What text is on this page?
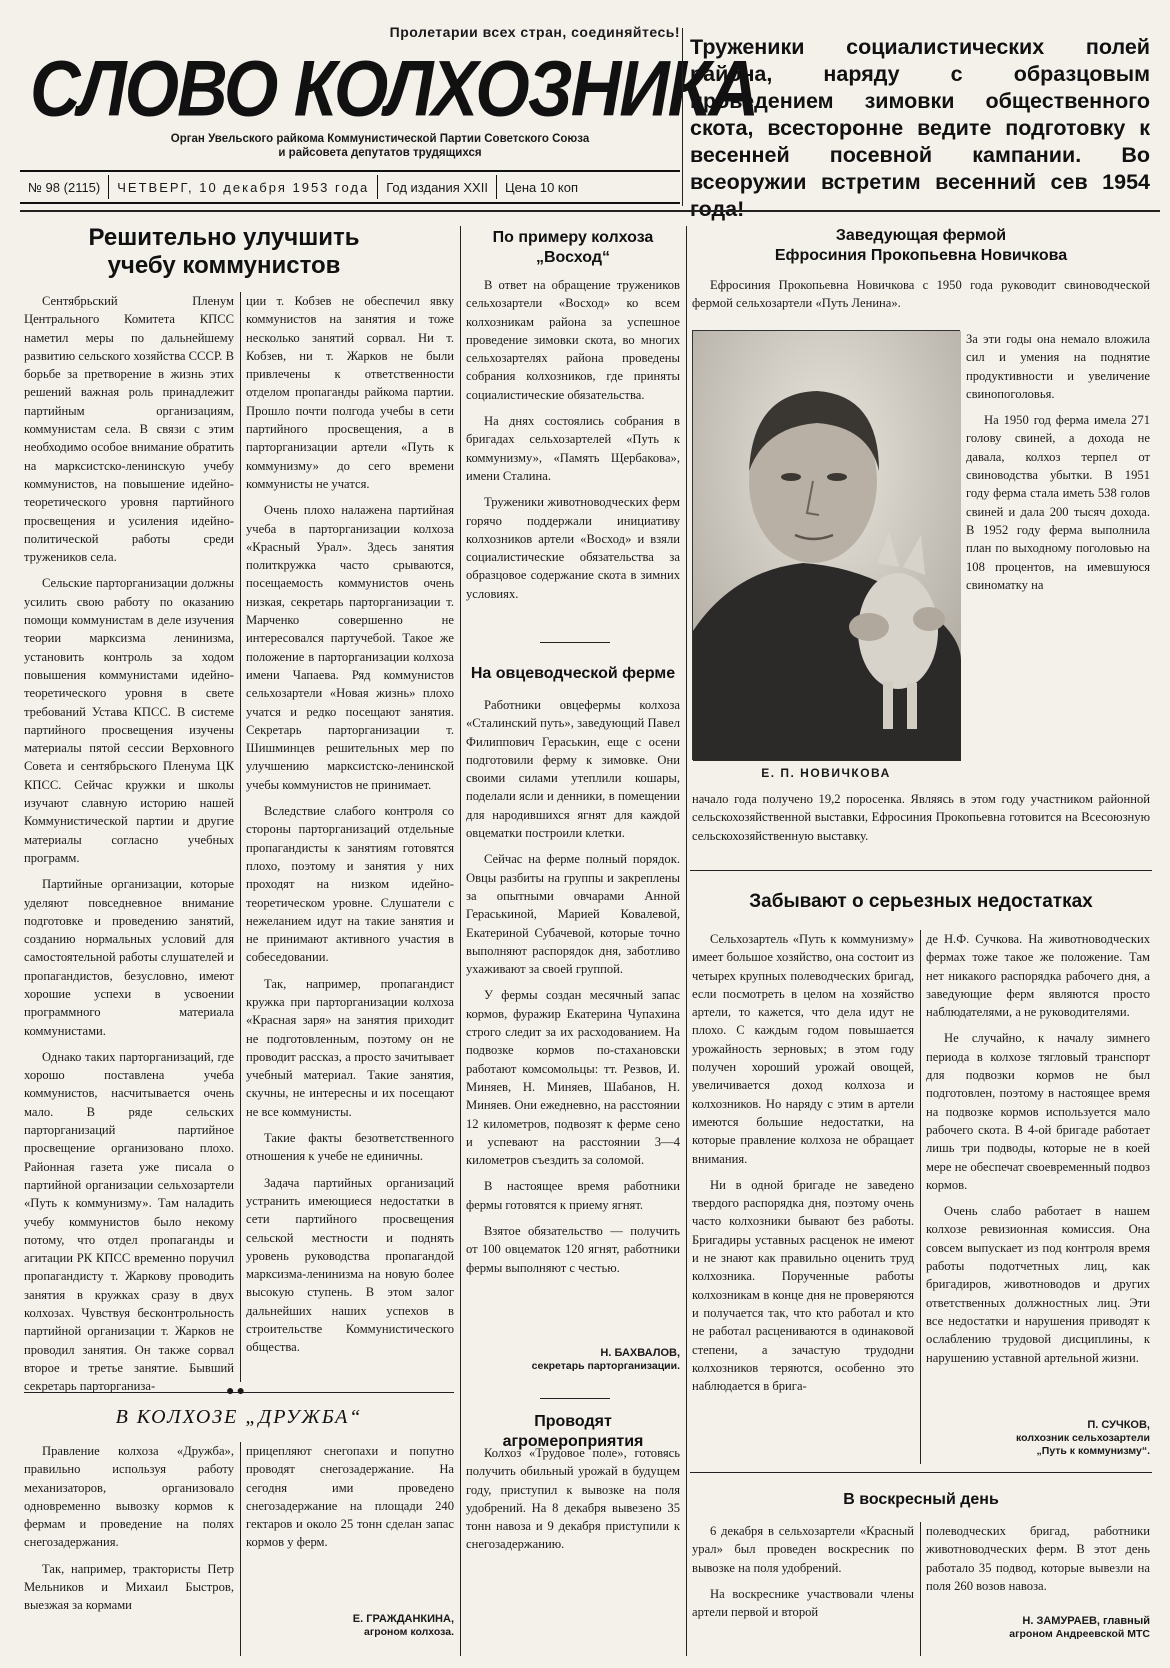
Пролетарии всех стран, соединяйтесь!
СЛОВО КОЛХОЗНИКА
Орган Увельского райкома Коммунистической Партии Советского Союза
и райсовета депутатов трудящихся
Труженики социалистических полей района, наряду с образцовым проведением зимовки общественного скота, всесторонне ведите подготовку к весенней посевной кампании. Во всеоружии встретим весенний сев 1954 года!
№ 98 (2115)	ЧЕТВЕРГ, 10 декабря 1953 года	Год издания XXII	Цена 10 коп
Решительно улучшить
учебу коммунистов

Сентябрьский Пленум Центрального Комитета КПСС наметил меры по дальнейшему развитию сельского хозяйства СССР. В борьбе за претворение в жизнь этих решений важная роль принадлежит партийным организациям, коммунистам села. В связи с этим необходимо особое внимание обратить на марксистско-ленинскую учебу коммунистов, на повышение идейно-теоретического уровня партийного просвещения и усиления идейно-политической работы среди тружеников села.

Сельские парторганизации должны усилить свою работу по оказанию помощи коммунистам в деле изучения теории марксизма ленинизма, установить контроль за ходом повышения коммунистами идейно-теоретического уровня в свете требований Устава КПСС. В системе партийного просвещения изучены материалы пятой сессии Верховного Совета и сентябрьского Пленума ЦК КПСС. Сейчас кружки и школы изучают славную историю нашей Коммунистической партии и другие материалы согласно учебных программ.

Партийные организации, которые уделяют повседневное внимание подготовке и проведению занятий, созданию нормальных условий для самостоятельной работы слушателей и пропагандистов, безусловно, имеют хорошие успехи в усвоении программного материала коммунистами.

Однако таких парторганизаций, где хорошо поставлена учеба коммунистов, насчитывается очень мало. В ряде сельских парторганизаций партийное просвещение организовано плохо. Районная газета уже писала о партийной организации сельхозартели «Путь к коммунизму». Там наладить учебу коммунистов было некому потому, что отдел пропаганды и агитации РК КПСС временно поручил пропагандисту т. Жаркову проводить занятия в кружках сразу в двух колхозах. Чувствуя бесконтрольность партийной организации т. Жарков не проводил занятия. Он также сорвал второе и третье занятие. Бывший секретарь парторганиза-

ции т. Кобзев не обеспечил явку коммунистов на занятия и тоже несколько занятий сорвал. Ни т. Кобзев, ни т. Жарков не были привлечены к ответственности отделом пропаганды райкома партии. Прошло почти полгода учебы в сети партийного просвещения, а в парторганизации артели «Путь к коммунизму» до сего времени коммунисты не учатся.

Очень плохо налажена партийная учеба в парторганизации колхоза «Красный Урал». Здесь занятия политкружка часто срываются, посещаемость коммунистов очень низкая, секретарь парторганизации т. Марченко совершенно не интересовался партучебой. Такое же положение в парторганизации колхоза имени Чапаева. Ряд коммунистов сельхозартели «Новая жизнь» плохо учатся и редко посещают занятия. Секретарь парторганизации т. Шишминцев решительных мер по улучшению марксистско-ленинской учебы коммунистов не принимает.

Вследствие слабого контроля со стороны парторганизаций отдельные пропагандисты к занятиям готовятся плохо, поэтому и занятия у них проходят на низком идейно-теоретическом уровне. Слушатели с нежеланием идут на такие занятия и не принимают активного участия в собеседовании.

Так, например, пропагандист кружка при парторганизации колхоза «Красная заря» на занятия приходит не подготовленным, поэтому он не проводит рассказ, а просто зачитывает учебный материал. Такие занятия, скучны, не интересны и их посещают не все коммунисты.

Такие факты безответственного отношения к учебе не единичны.

Задача партийных организаций устранить имеющиеся недостатки в сети партийного просвещения сельской местности и поднять уровень руководства пропагандой марксизма-ленинизма на новую более высокую ступень. В этом залог дальнейших наших успехов в строительстве Коммунистического общества.

●●
В КОЛХОЗЕ „ДРУЖБА“

Правление колхоза «Дружба», правильно используя работу механизаторов, организовало одновременно вывозку кормов к фермам и проведение на полях снегозадержания.

Так, например, трактористы Петр Мельников и Михаил Быстров, выезжая за кормами

прицепляют снегопахи и попутно проводят снегозадержание. На сегодня ими проведено снегозадержание на площади 240 гектаров и около 25 тонн сделан запас кормов у ферм.

Е. ГРАЖДАНКИНА,
агроном колхоза.
По примеру колхоза
„Восход“

В ответ на обращение тружеников сельхозартели «Восход» ко всем колхозникам района за успешное проведение зимовки скота, во многих сельхозартелях района проведены собрания колхозников, где приняты социалистические обязательства.

На днях состоялись собрания в бригадах сельхозартелей «Путь к коммунизму», «Память Щербакова», имени Сталина.

Труженики животноводческих ферм горячо поддержали инициативу колхозников артели «Восход» и взяли социалистические обязательства за образцовое содержание скота в зимних условиях.

На овцеводческой ферме

Работники овцефермы колхоза «Сталинский путь», заведующий Павел Филиппович Гераськин, еще с осени подготовили ферму к зимовке. Они своими силами утеплили кошары, поделали ясли и денники, в помещении для народившихся ягнят для каждой овцематки построили клетки.

Сейчас на ферме полный порядок. Овцы разбиты на группы и закреплены за опытными овчарами Анной Гераськиной, Марией Ковалевой, Екатериной Субачевой, которые точно выполняют распорядок дня, заботливо ухаживают за своей группой.

У фермы создан месячный запас кормов, фуражир Екатерина Чупахина строго следит за их расходованием. На подвозке кормов по-стахановски работают комсомольцы: тт. Резвов, И. Миняев, Н. Миняев, Шабанов, Н. Миняев. Они ежедневно, на расстоянии 12 километров, подвозят к ферме сено и успевают на расстоянии 3—4 километров съездить за соломой.

В настоящее время работники фермы готовятся к приему ягнят.

Взятое обязательство — получить от 100 овцематок 120 ягнят, работники фермы выполняют с честью.

Н. БАХВАЛОВ,
секретарь парторганизации.
Проводят агромероприятия

Колхоз «Трудовое поле», готовясь получить обильный урожай в будущем году, приступил к вывозке на поля удобрений. На 8 декабря вывезено 35 тонн навоза и 9 декабря приступили к снегозадержанию.

Заведующая фермой
Ефросиния Прокопьевна Новичкова

Ефросиния Прокопьевна Новичкова с 1950 года руководит свиноводческой фермой сельхозартели «Путь Ленина».

Е. П. НОВИЧКОВА

За эти годы она немало вложила сил и умения на поднятие продуктивности и увеличение свинопоголовья.

На 1950 год ферма имела 271 голову свиней, а дохода не давала, колхоз терпел от свиноводства убытки. В 1951 году ферма стала иметь 538 голов свиней и дала 200 тысяч дохода. В 1952 году ферма выполнила план по выходному поголовью на 108 процентов, на имевшуюся свиноматку на

начало года получено 19,2 поросенка. Являясь в этом году участником районной сельскохозяйственной выставки, Ефросиния Прокопьевна готовится на Всесоюзную сельскохозяйственную выставку.

Забывают о серьезных недостатках

Сельхозартель «Путь к коммунизму» имеет большое хозяйство, она состоит из четырех крупных полеводческих бригад, если посмотреть в целом на хозяйство артели, то кажется, что дела идут не плохо. С каждым годом повышается урожайность зерновых; в этом году получен хороший урожай овощей, увеличивается доход колхоза и колхозников. Но наряду с этим в артели имеются большие недостатки, на которые правление колхоза не обращает внимания.

Ни в одной бригаде не заведено твердого распорядка дня, поэтому очень часто колхозники бывают без работы. Бригадиры уставных расценок не имеют и не знают как правильно оценить труд колхозника. Порученные работы колхозникам в конце дня не проверяются и получается так, что кто работал и кто не работал расцениваются в одинаковой степени, а зачастую трудодни колхозников теряются, особенно это наблюдается в брига-

де Н.Ф. Сучкова. На животноводческих фермах тоже такое же положение. Там нет никакого распорядка рабочего дня, а заведующие ферм являются просто наблюдателями, а не руководителями.

Не случайно, к началу зимнего периода в колхозе тягловый транспорт для подвозки кормов не был подготовлен, поэтому в настоящее время на подвозке кормов используется мало рабочего скота. В 4-ой бригаде работает лишь три подводы, которые не в коей мере не обеспечат своевременный подвоз кормов.

Очень слабо работает в нашем колхозе ревизионная комиссия. Она совсем выпускает из под контроля время работы подотчетных лиц, как бригадиров, животноводов и других ответственных должностных лиц. Эти все недостатки и нарушения приводят к ослаблению трудовой дисциплины, к нарушению уставной артельной жизни.

П. СУЧКОВ,
колхозник сельхозартели
„Путь к коммунизму“.
В воскресный день

6 декабря в сельхозартели «Красный урал» был проведен воскресник по вывозке на поля удобрений.

На воскреснике участвовали члены артели первой и второй

полеводческих бригад, работники животноводческих ферм. В этот день работало 35 подвод, которые вывезли на поля 260 возов навоза.

Н. ЗАМУРАЕВ, главный
агроном Андреевской МТС
